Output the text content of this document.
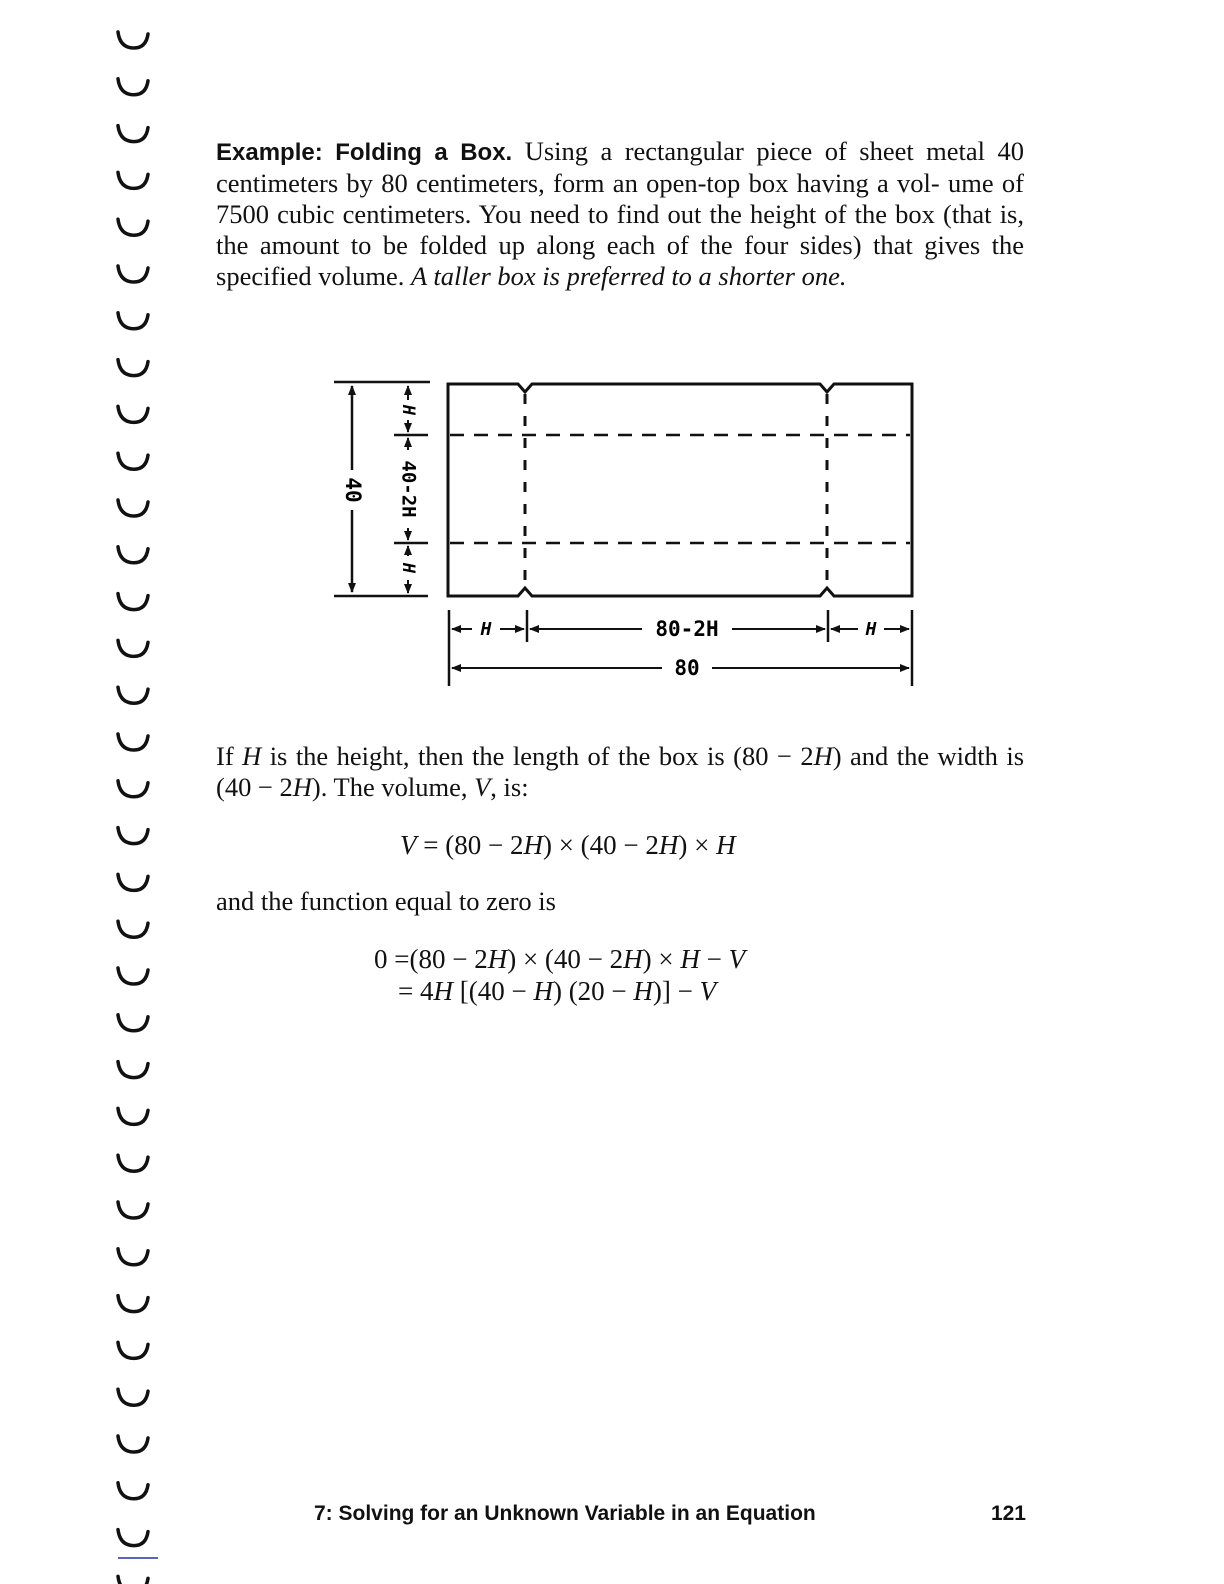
Example: Folding a Box. Using a rectangular piece of sheet metal 40 centimeters by 80 centimeters, form an open-top box having a vol- ume of 7500 cubic centimeters. You need to find out the height of the box (that is, the amount to be folded up along each of the four sides) that gives the specified volume. A taller box is preferred to a shorter one.
40
H
40-2H
H
H	80-2H	H
80
If H is the height, then the length of the box is (80 − 2H) and the width is (40 − 2H). The volume, V, is:
V = (80 − 2H) × (40 − 2H) × H
and the function equal to zero is
0 =(80 − 2H) × (40 − 2H) × H − V
= 4H [(40 − H) (20 − H)] − V
7: Solving for an Unknown Variable in an Equation	121
